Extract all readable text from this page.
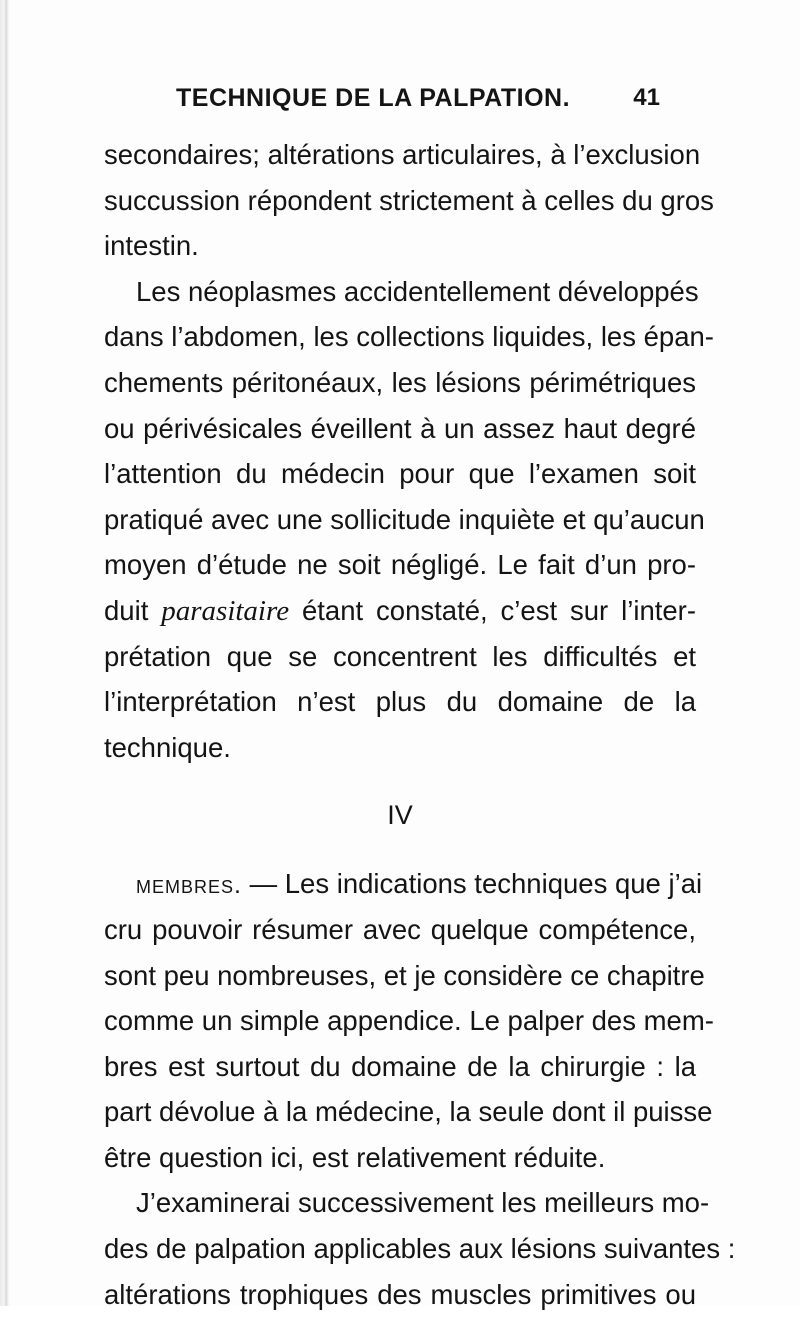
TECHNIQUE DE LA PALPATION.	41
secondaires; altérations articulaires, à l’exclusion
succussion répondent strictement à celles du gros
intestin.
Les néoplasmes accidentellement développés
dans l’abdomen, les collections liquides, les épan-
chements péritonéaux, les lésions périmétriques
ou périvésicales éveillent à un assez haut degré
l’attention du médecin pour que l’examen soit
pratiqué avec une sollicitude inquiète et qu’aucun
moyen d’étude ne soit négligé. Le fait d’un pro-
duit parasitaire étant constaté, c’est sur l’inter-
prétation que se concentrent les difficultés et
l’interprétation n’est plus du domaine de la
technique.
IV
membres. — Les indications techniques que j’ai
cru pouvoir résumer avec quelque compétence,
sont peu nombreuses, et je considère ce chapitre
comme un simple appendice. Le palper des mem-
bres est surtout du domaine de la chirurgie : la
part dévolue à la médecine, la seule dont il puisse
être question ici, est relativement réduite.
J’examinerai successivement les meilleurs mo-
des de palpation applicables aux lésions suivantes :
altérations trophiques des muscles primitives ou
